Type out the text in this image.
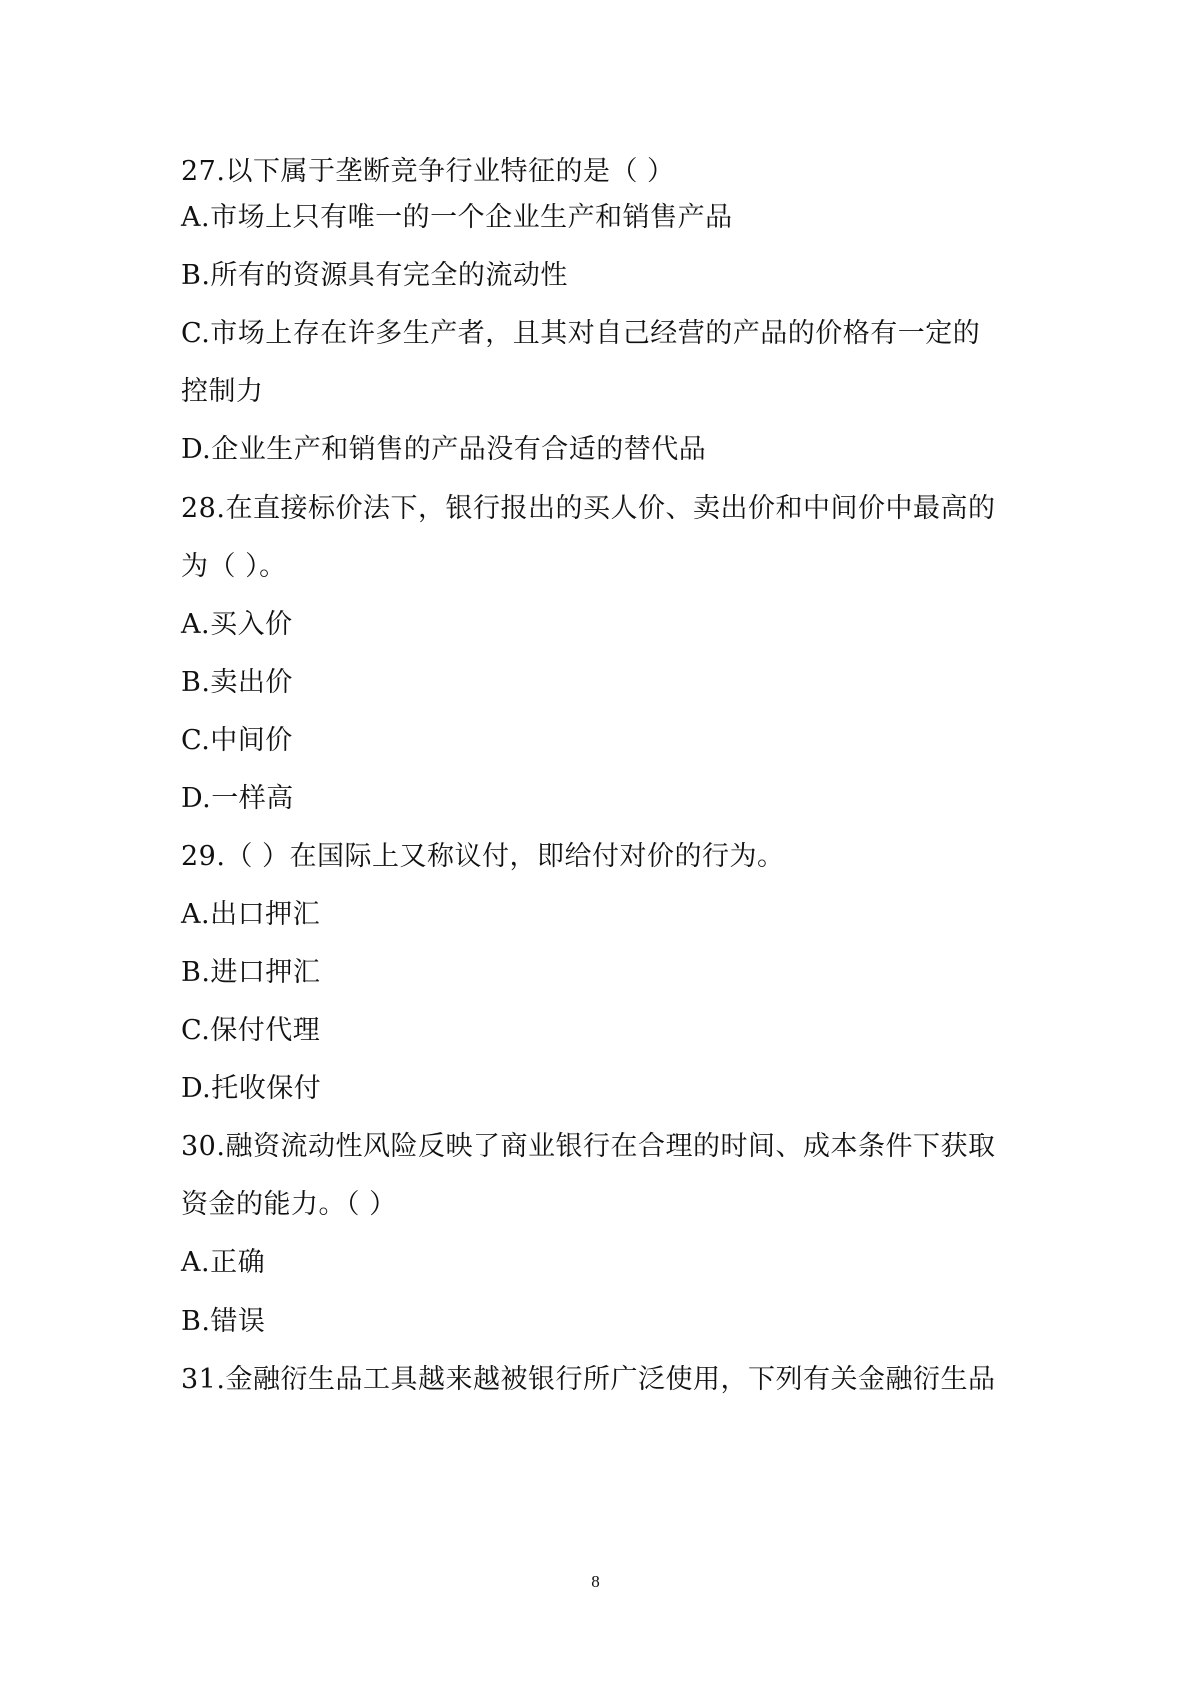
27.以下属于垄断竞争行业特征的是（ ）
A.市场上只有唯一的一个企业生产和销售产品
B.所有的资源具有完全的流动性
C.市场上存在许多生产者，且其对自己经营的产品的价格有一定的
控制力
D.企业生产和销售的产品没有合适的替代品
28.在直接标价法下，银行报出的买人价、卖出价和中间价中最高的
为（ ）。
A.买入价
B.卖出价
C.中间价
D.一样高
29.（ ）在国际上又称议付，即给付对价的行为。
A.出口押汇
B.进口押汇
C.保付代理
D.托收保付
30.融资流动性风险反映了商业银行在合理的时间、成本条件下获取
资金的能力。（ ）
A.正确
B.错误
31.金融衍生品工具越来越被银行所广泛使用，下列有关金融衍生品
8
